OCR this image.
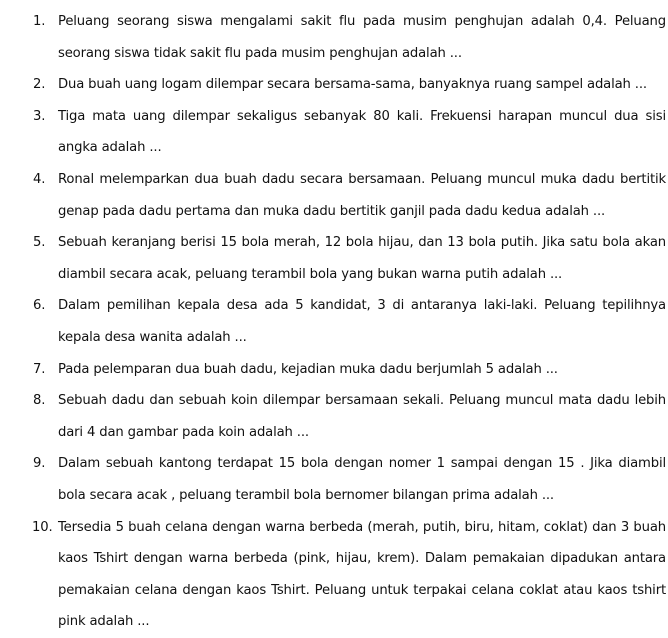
1. Peluang seorang siswa mengalami sakit flu pada musim penghujan adalah 0,4. Peluang seorang siswa tidak sakit flu pada musim penghujan adalah ...
2. Dua buah uang logam dilempar secara bersama-sama, banyaknya ruang sampel adalah ...
3. Tiga mata uang dilempar sekaligus sebanyak 80 kali. Frekuensi harapan muncul dua sisi angka adalah ...
4. Ronal melemparkan dua buah dadu secara bersamaan. Peluang muncul muka dadu bertitik genap pada dadu pertama dan muka dadu bertitik ganjil pada dadu kedua adalah ...
5. Sebuah keranjang berisi 15 bola merah, 12 bola hijau, dan 13 bola putih. Jika satu bola akan diambil secara acak, peluang terambil bola yang bukan warna putih adalah ...
6. Dalam pemilihan kepala desa ada 5 kandidat, 3 di antaranya laki-laki. Peluang tepilihnya kepala desa wanita adalah ...
7. Pada pelemparan dua buah dadu, kejadian muka dadu berjumlah 5 adalah ...
8. Sebuah dadu dan sebuah koin dilempar bersamaan sekali. Peluang muncul mata dadu lebih dari 4 dan gambar pada koin adalah ...
9. Dalam sebuah kantong terdapat 15 bola dengan nomer 1 sampai dengan 15 . Jika diambil bola secara acak , peluang terambil bola bernomer bilangan prima adalah ...
10. Tersedia 5 buah celana dengan warna berbeda (merah, putih, biru, hitam, coklat) dan 3 buah kaos Tshirt dengan warna berbeda (pink, hijau, krem). Dalam pemakaian dipadukan antara pemakaian celana dengan kaos Tshirt. Peluang untuk terpakai celana coklat atau kaos tshirt pink adalah ...
